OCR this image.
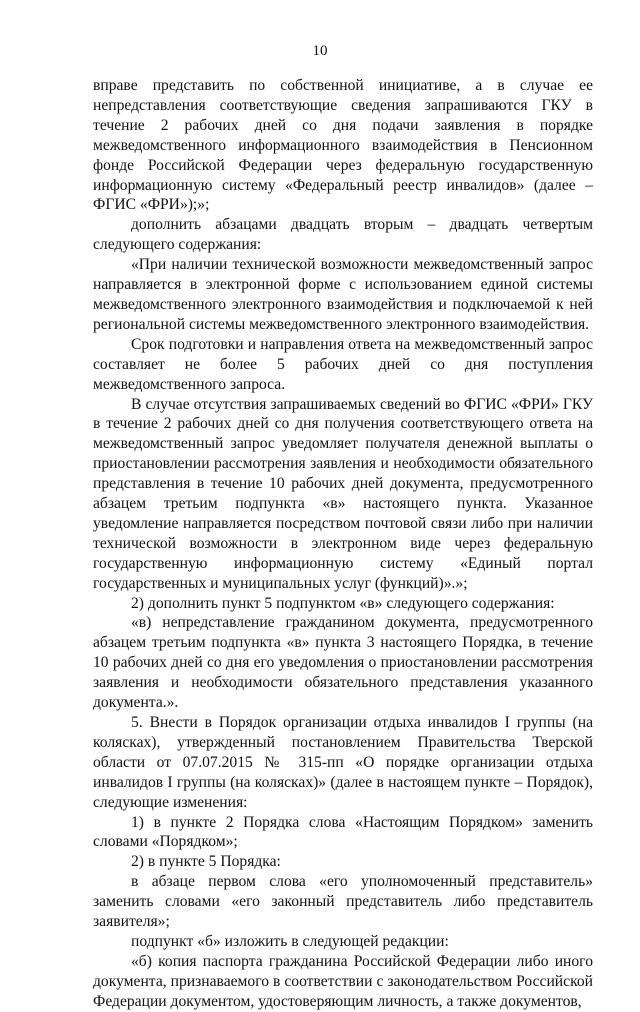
10

вправе представить по собственной инициативе, а в случае ее непредставления соответствующие сведения запрашиваются ГКУ в течение 2 рабочих дней со дня подачи заявления в порядке межведомственного информационного взаимодействия в Пенсионном фонде Российской Федерации через федеральную государственную информационную систему «Федеральный реестр инвалидов» (далее – ФГИС «ФРИ»);»;

дополнить абзацами двадцать вторым – двадцать четвертым следующего содержания:

«При наличии технической возможности межведомственный запрос направляется в электронной форме с использованием единой системы межведомственного электронного взаимодействия и подключаемой к ней региональной системы межведомственного электронного взаимодействия.

Срок подготовки и направления ответа на межведомственный запрос составляет не более 5 рабочих дней со дня поступления межведомственного запроса.

В случае отсутствия запрашиваемых сведений во ФГИС «ФРИ» ГКУ в течение 2 рабочих дней со дня получения соответствующего ответа на межведомственный запрос уведомляет получателя денежной выплаты о приостановлении рассмотрения заявления и необходимости обязательного представления в течение 10 рабочих дней документа, предусмотренного абзацем третьим подпункта «в» настоящего пункта. Указанное уведомление направляется посредством почтовой связи либо при наличии технической возможности в электронном виде через федеральную государственную информационную систему «Единый портал государственных и муниципальных услуг (функций)».»;

2) дополнить пункт 5 подпунктом «в» следующего содержания:

«в) непредставление гражданином документа, предусмотренного абзацем третьим подпункта «в» пункта 3 настоящего Порядка, в течение 10 рабочих дней со дня его уведомления о приостановлении рассмотрения заявления и необходимости обязательного представления указанного документа.».

5. Внести в Порядок организации отдыха инвалидов I группы (на колясках), утвержденный постановлением Правительства Тверской области от 07.07.2015 № 315-пп «О порядке организации отдыха инвалидов I группы (на колясках)» (далее в настоящем пункте – Порядок), следующие изменения:

1) в пункте 2 Порядка слова «Настоящим Порядком» заменить словами «Порядком»;

2) в пункте 5 Порядка:

в абзаце первом слова «его уполномоченный представитель» заменить словами «его законный представитель либо представитель заявителя»;

подпункт «б» изложить в следующей редакции:

«б) копия паспорта гражданина Российской Федерации либо иного документа, признаваемого в соответствии с законодательством Российской Федерации документом, удостоверяющим личность, а также документов,
